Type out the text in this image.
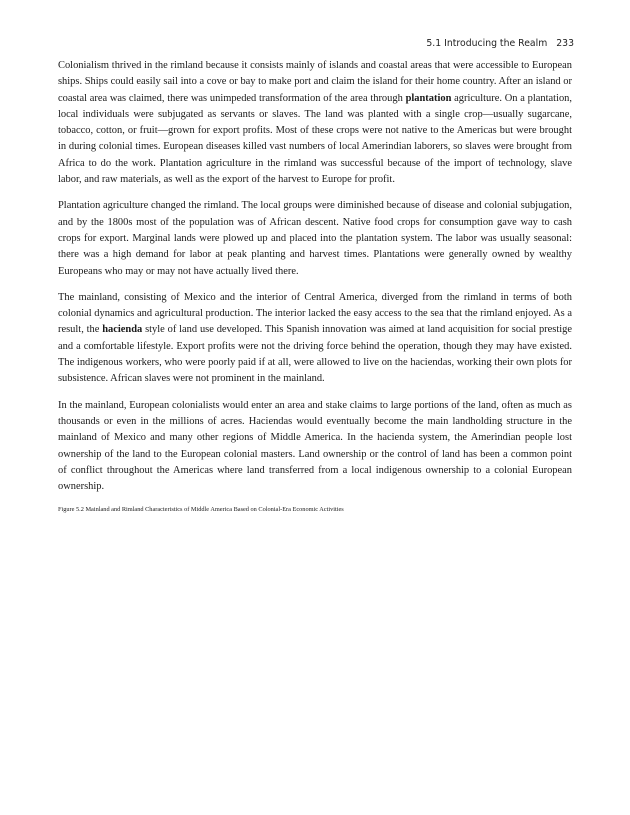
5.1 Introducing the Realm 233

Colonialism thrived in the rimland because it consists mainly of islands and coastal areas that were accessible to European ships. Ships could easily sail into a cove or bay to make port and claim the island for their home country. After an island or coastal area was claimed, there was unimpeded transformation of the area through plantation agriculture. On a plantation, local individuals were subjugated as servants or slaves. The land was planted with a single crop—usually sugarcane, tobacco, cotton, or fruit—grown for export profits. Most of these crops were not native to the Americas but were brought in during colonial times. European diseases killed vast numbers of local Amerindian laborers, so slaves were brought from Africa to do the work. Plantation agriculture in the rimland was successful because of the import of technology, slave labor, and raw materials, as well as the export of the harvest to Europe for profit.

Plantation agriculture changed the rimland. The local groups were diminished because of disease and colonial subjugation, and by the 1800s most of the population was of African descent. Native food crops for consumption gave way to cash crops for export. Marginal lands were plowed up and placed into the plantation system. The labor was usually seasonal: there was a high demand for labor at peak planting and harvest times. Plantations were generally owned by wealthy Europeans who may or may not have actually lived there.

The mainland, consisting of Mexico and the interior of Central America, diverged from the rimland in terms of both colonial dynamics and agricultural production. The interior lacked the easy access to the sea that the rimland enjoyed. As a result, the hacienda style of land use developed. This Spanish innovation was aimed at land acquisition for social prestige and a comfortable lifestyle. Export profits were not the driving force behind the operation, though they may have existed. The indigenous workers, who were poorly paid if at all, were allowed to live on the haciendas, working their own plots for subsistence. African slaves were not prominent in the mainland.

In the mainland, European colonialists would enter an area and stake claims to large portions of the land, often as much as thousands or even in the millions of acres. Haciendas would eventually become the main landholding structure in the mainland of Mexico and many other regions of Middle America. In the hacienda system, the Amerindian people lost ownership of the land to the European colonial masters. Land ownership or the control of land has been a common point of conflict throughout the Americas where land transferred from a local indigenous ownership to a colonial European ownership.

Figure 5.2 Mainland and Rimland Characteristics of Middle America Based on Colonial-Era Economic Activities
